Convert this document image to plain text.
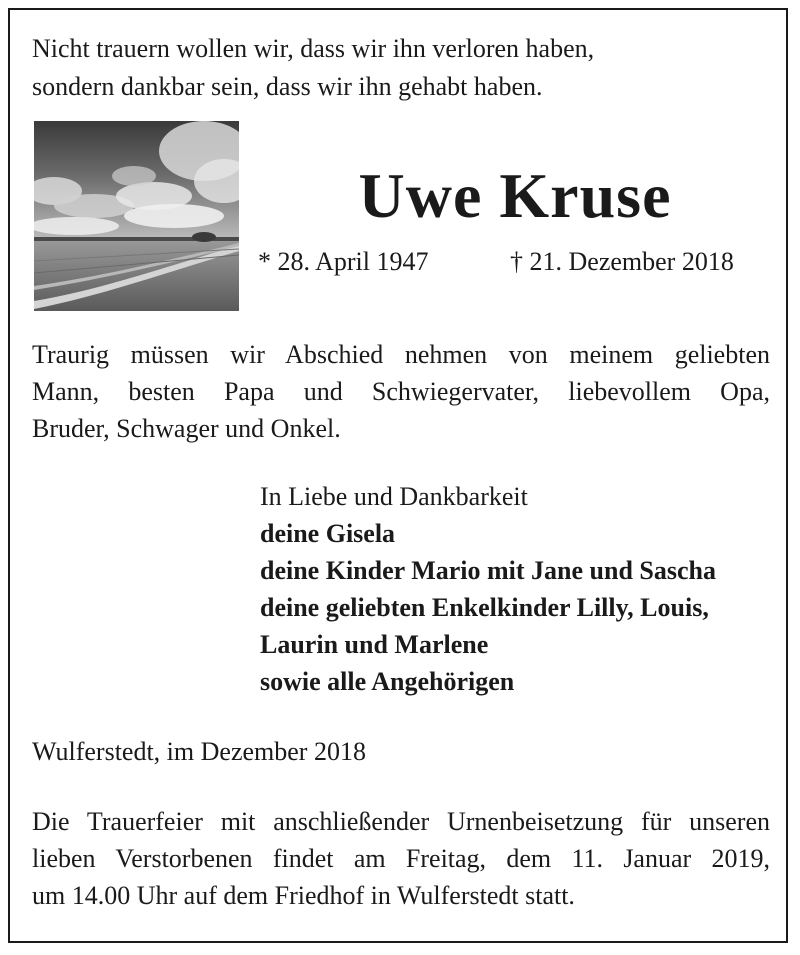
Nicht trauern wollen wir, dass wir ihn verloren haben,
sondern dankbar sein, dass wir ihn gehabt haben.
Uwe Kruse
* 28. April 1947	† 21. Dezember 2018
Traurig müssen wir Abschied nehmen von meinem geliebten
Mann, besten Papa und Schwiegervater, liebevollem Opa,
Bruder, Schwager und Onkel.
In Liebe und Dankbarkeit
deine Gisela
deine Kinder Mario mit Jane und Sascha
deine geliebten Enkelkinder Lilly, Louis,
Laurin und Marlene
sowie alle Angehörigen
Wulferstedt, im Dezember 2018
Die Trauerfeier mit anschließender Urnenbeisetzung für unseren
lieben Verstorbenen findet am Freitag, dem 11. Januar 2019,
um 14.00 Uhr auf dem Friedhof in Wulferstedt statt.
